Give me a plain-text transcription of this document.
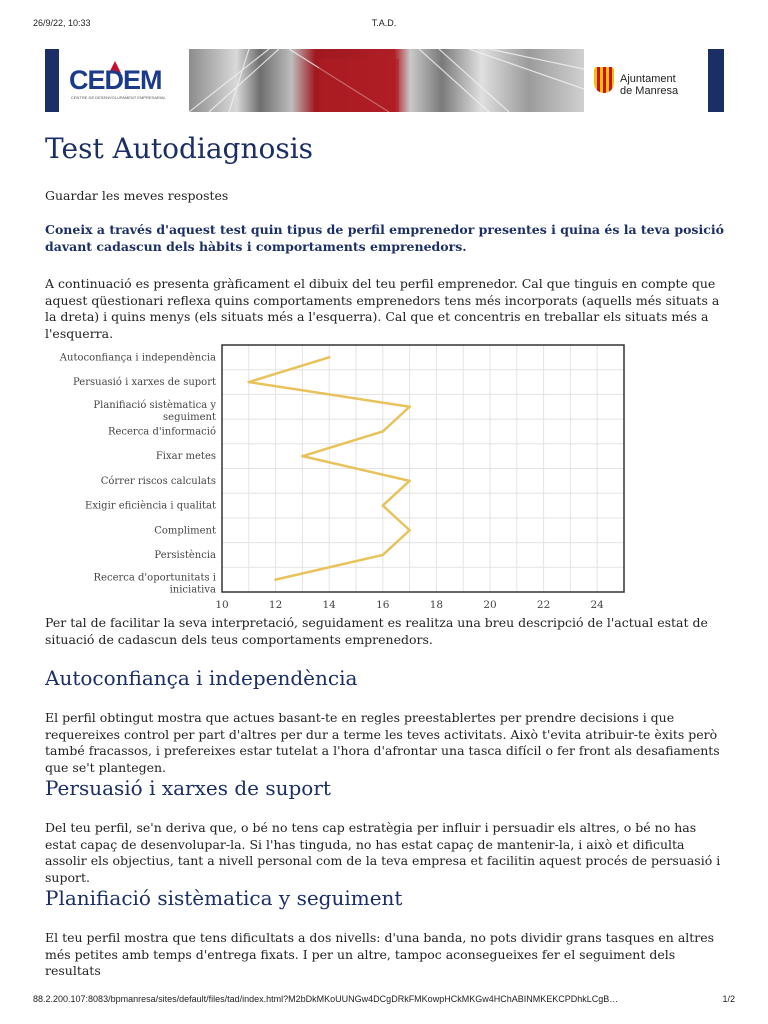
26/9/22, 10:33	T.A.D.
CEDEM
CENTRE DE DESENVOLUPAMENT EMPRESARIAL
Ajuntament
de Manresa
Test Autodiagnosis

Guardar les meves respostes

Coneix a través d'aquest test quin tipus de perfil emprenedor presentes i quina és la teva posició davant cadascun dels hàbits i comportaments emprenedors.

A continuació es presenta gràficament el dibuix del teu perfil emprenedor. Cal que tinguis en compte que aquest qüestionari reflexa quins comportaments emprenedors tens més incorporats (aquells més situats a la dreta) i quins menys (els situats més a l'esquerra). Cal que et concentris en treballar els situats més a l'esquerra.

Autoconfiança i independència
Persuasió i xarxes de suport
Planifiació sistèmatica y seguiment
Recerca d'informació
Fixar metes
Córrer riscos calculats
Exigir eficiència i qualitat
Compliment
Persistència
Recerca d'oportunitats i iniciativa
10	12	14	16	18	20	22	24

Per tal de facilitar la seva interpretació, seguidament es realitza una breu descripció de l'actual estat de situació de cadascun dels teus comportaments emprenedors.

Autoconfiança i independència

El perfil obtingut mostra que actues basant-te en regles preestablertes per prendre decisions i que requereixes control per part d'altres per dur a terme les teves activitats. Això t'evita atribuir-te èxits però també fracassos, i prefereixes estar tutelat a l'hora d'afrontar una tasca difícil o fer front als desafiaments que se't plantegen.

Persuasió i xarxes de suport

Del teu perfil, se'n deriva que, o bé no tens cap estratègia per influir i persuadir els altres, o bé no has estat capaç de desenvolupar-la. Si l'has tinguda, no has estat capaç de mantenir-la, i això et dificulta assolir els objectius, tant a nivell personal com de la teva empresa et facilitin aquest procés de persuasió i suport.

Planifiació sistèmatica y seguiment

El teu perfil mostra que tens dificultats a dos nivells: d'una banda, no pots dividir grans tasques en altres més petites amb temps d'entrega fixats. I per un altre, tampoc aconsegueixes fer el seguiment dels resultats

88.2.200.107:8083/bpmanresa/sites/default/files/tad/index.html?M2bDkMKoUUNGw4DCgDRkFMKowpHCkMKGw4HChABINMKEKCPDhkLCgB…	1/2
